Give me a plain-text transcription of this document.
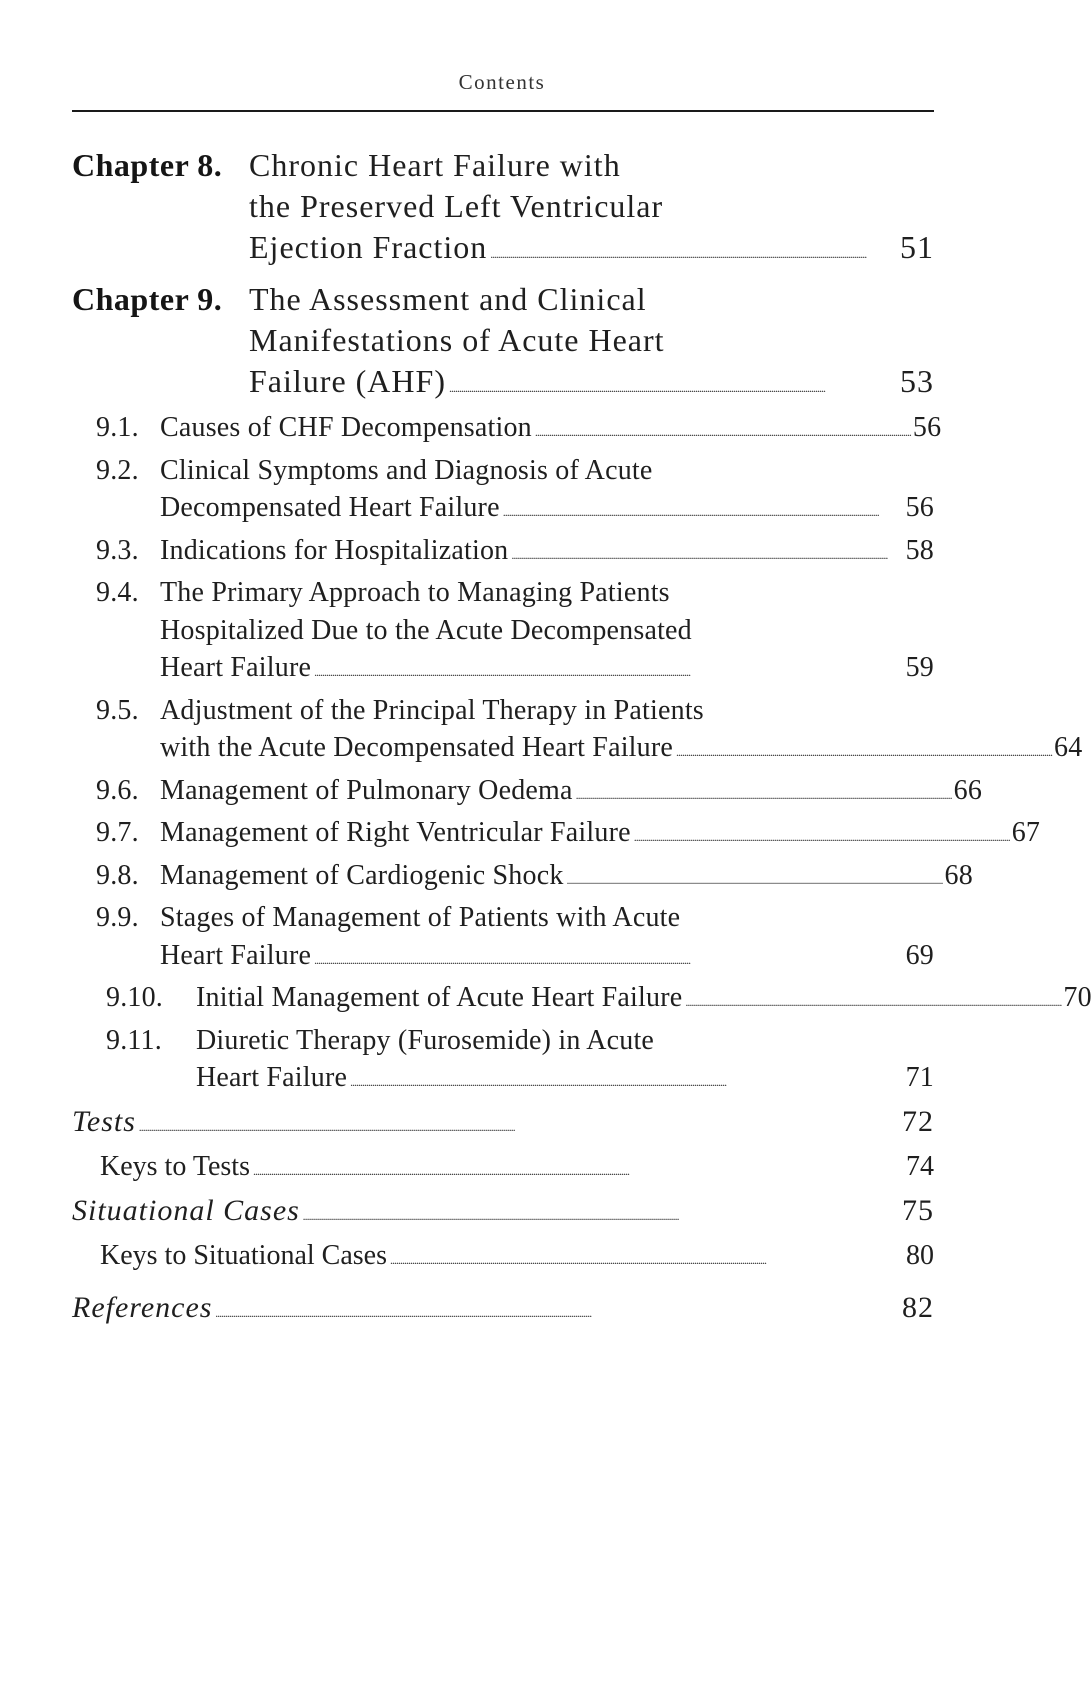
Contents
Chapter 8. Chronic Heart Failure with
the Preserved Left Ventricular
Ejection Fraction . . .	51
Chapter 9. The Assessment and Clinical
Manifestations of Acute Heart
Failure (AHF) . . .	53
9.1. Causes of CHF Decompensation . . .	56
9.2. Clinical Symptoms and Diagnosis of Acute
Decompensated Heart Failure . . .	56
9.3. Indications for Hospitalization . . .	58
9.4. The Primary Approach to Managing Patients
Hospitalized Due to the Acute Decompensated
Heart Failure . . .	59
9.5. Adjustment of the Principal Therapy in Patients
with the Acute Decompensated Heart Failure . . .	64
9.6. Management of Pulmonary Oedema . . .	66
9.7. Management of Right Ventricular Failure . . .	67
9.8. Management of Cardiogenic Shock . . .	68
9.9. Stages of Management of Patients with Acute
Heart Failure . . .	69
9.10.	Initial Management of Acute Heart Failure . . .	70
9.11.	Diuretic Therapy (Furosemide) in Acute
Heart Failure . . .	71
Tests . . .	72
Keys to Tests . . .	74
Situational Cases . . .	75
Keys to Situational Cases . . .	80
References . . .	82
